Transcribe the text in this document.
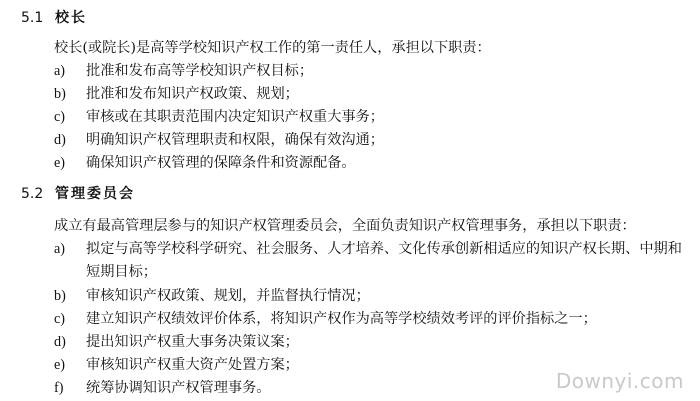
5.1 校长
校长(或院长)是高等学校知识产权工作的第一责任人，承担以下职责：
a) 批准和发布高等学校知识产权目标；
b) 批准和发布知识产权政策、规划；
c) 审核或在其职责范围内决定知识产权重大事务；
d) 明确知识产权管理职责和权限，确保有效沟通；
e) 确保知识产权管理的保障条件和资源配备。
5.2 管理委员会
成立有最高管理层参与的知识产权管理委员会，全面负责知识产权管理事务，承担以下职责：
a) 拟定与高等学校科学研究、社会服务、人才培养、文化传承创新相适应的知识产权长期、中期和
短期目标；
b) 审核知识产权政策、规划，并监督执行情况；
c) 建立知识产权绩效评价体系，将知识产权作为高等学校绩效考评的评价指标之一；
d) 提出知识产权重大事务决策议案；
e) 审核知识产权重大资产处置方案；
f) 统筹协调知识产权管理事务。	Downyi.com
